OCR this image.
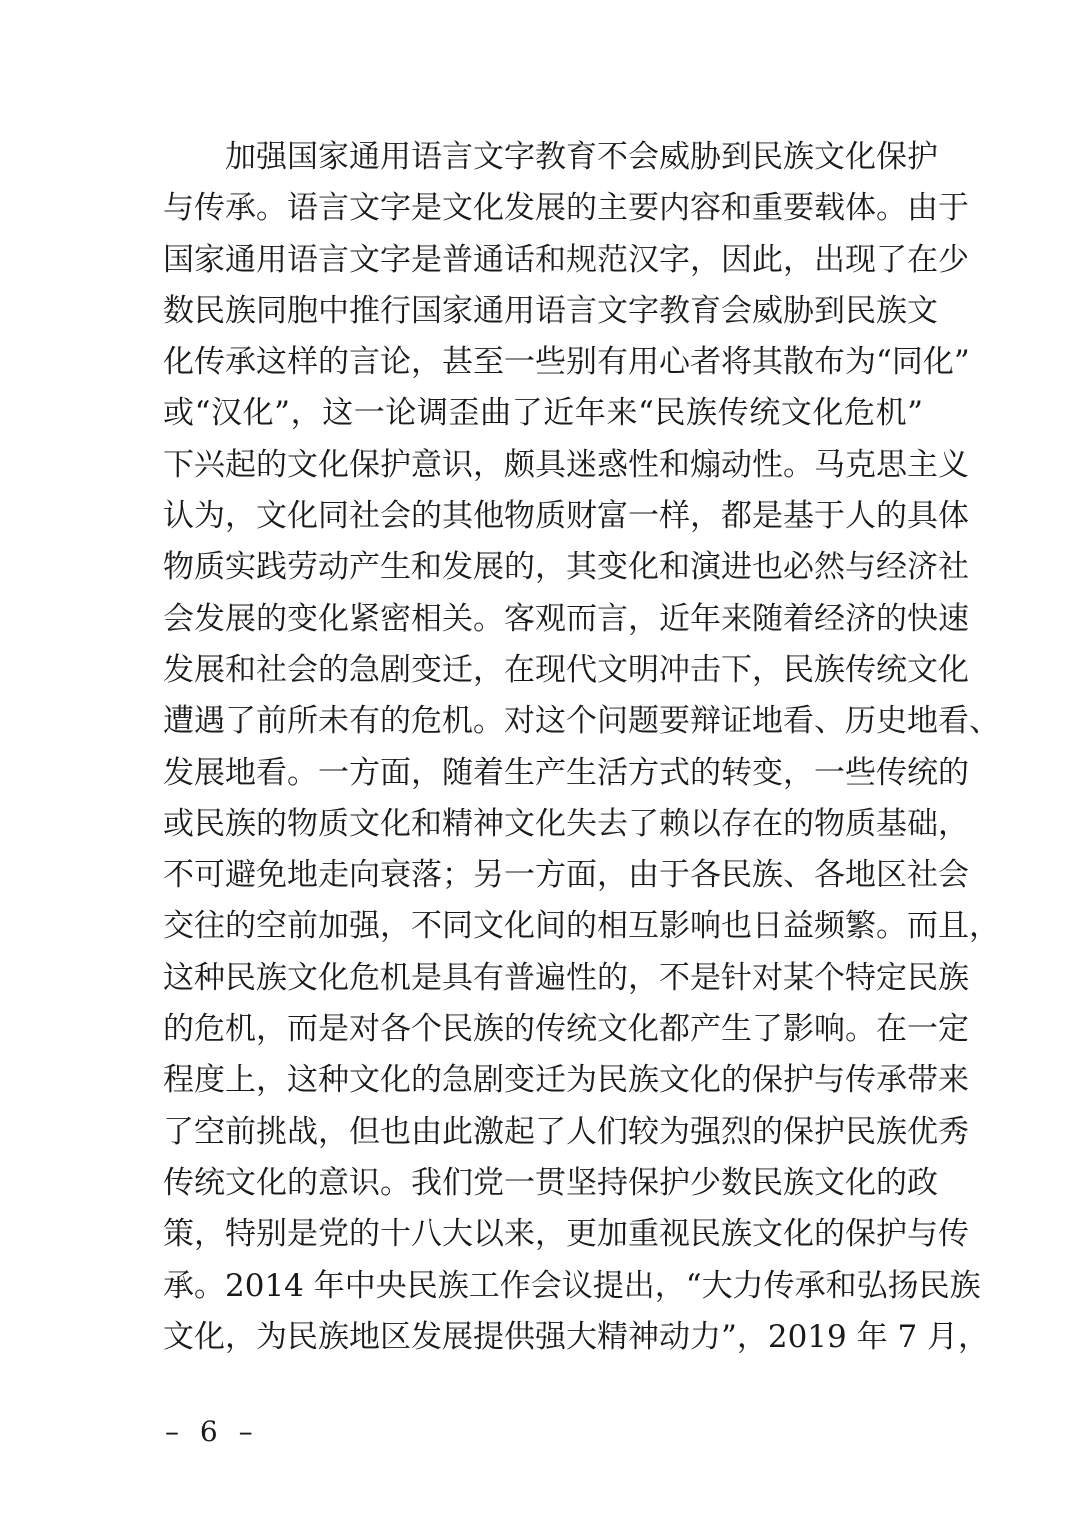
加强国家通用语言文字教育不会威胁到民族文化保护
与传承。语言文字是文化发展的主要内容和重要载体。由于
国家通用语言文字是普通话和规范汉字，因此，出现了在少
数民族同胞中推行国家通用语言文字教育会威胁到民族文
化传承这样的言论，甚至一些别有用心者将其散布为“同化”
或“汉化”，这一论调歪曲了近年来“民族传统文化危机”
下兴起的文化保护意识，颇具迷惑性和煽动性。马克思主义
认为，文化同社会的其他物质财富一样，都是基于人的具体
物质实践劳动产生和发展的，其变化和演进也必然与经济社
会发展的变化紧密相关。客观而言，近年来随着经济的快速
发展和社会的急剧变迁，在现代文明冲击下，民族传统文化
遭遇了前所未有的危机。对这个问题要辩证地看、历史地看、
发展地看。一方面，随着生产生活方式的转变，一些传统的
或民族的物质文化和精神文化失去了赖以存在的物质基础，
不可避免地走向衰落；另一方面，由于各民族、各地区社会
交往的空前加强，不同文化间的相互影响也日益频繁。而且，
这种民族文化危机是具有普遍性的，不是针对某个特定民族
的危机，而是对各个民族的传统文化都产生了影响。在一定
程度上，这种文化的急剧变迁为民族文化的保护与传承带来
了空前挑战，但也由此激起了人们较为强烈的保护民族优秀
传统文化的意识。我们党一贯坚持保护少数民族文化的政
策，特别是党的十八大以来，更加重视民族文化的保护与传
承。2014 年中央民族工作会议提出，“大力传承和弘扬民族
文化，为民族地区发展提供强大精神动力”，2019 年 7 月，
– 6 –
